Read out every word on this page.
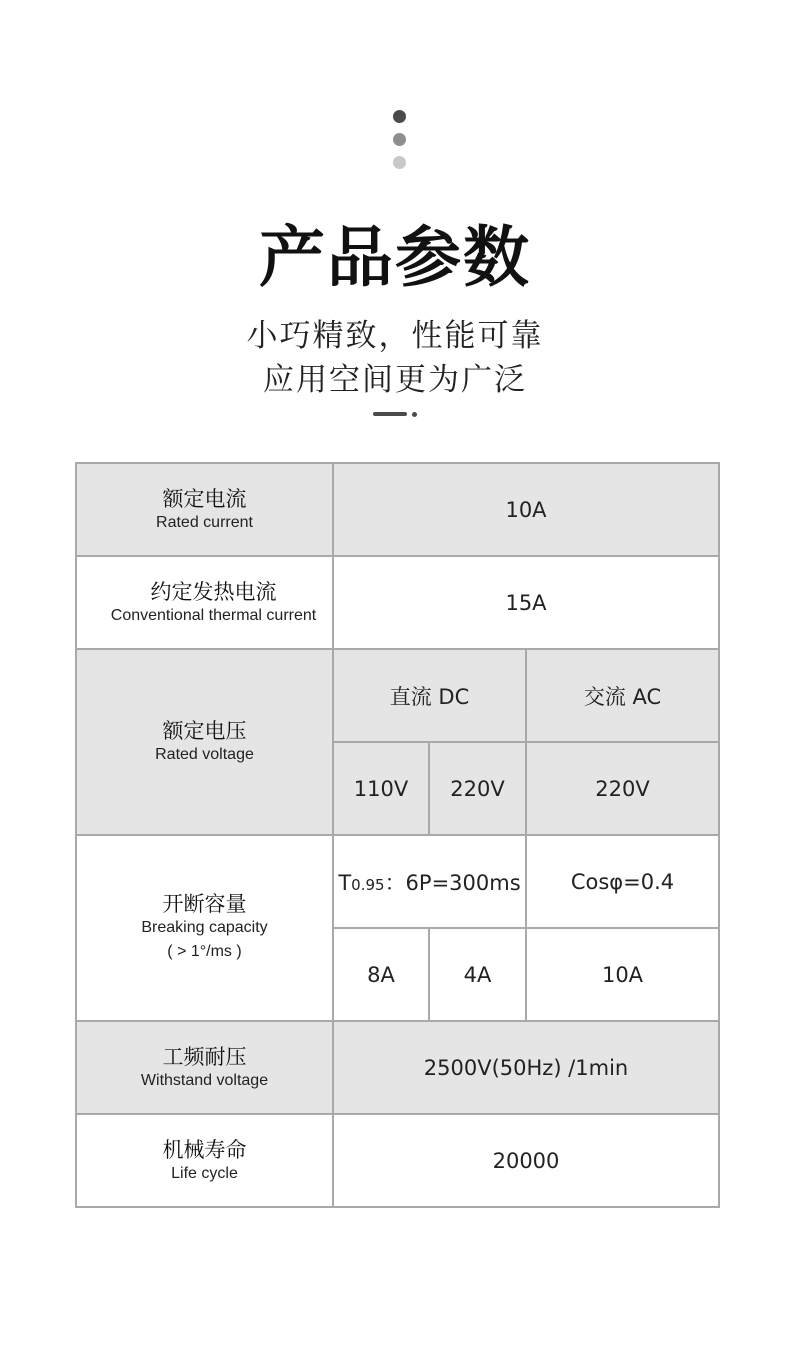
产品参数
小巧精致，性能可靠
应用空间更为广泛
额定电流
Rated current	10A		

约定发热电流
Conventional thermal current	15A		

额定电压
Rated voltage	直流 DC		交流 AC
	110V	220V	220V

开断容量
Breaking capacity
( > 1°/ms )	T0.95：6P=300ms		Cosφ=0.4
	8A	4A	10A

工频耐压
Withstand voltage	2500V(50Hz) /1min		

机械寿命
Life cycle	20000		
